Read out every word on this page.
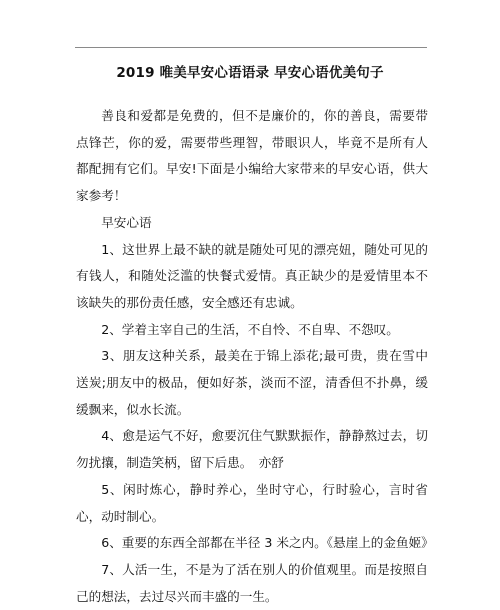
2019 唯美早安心语语录 早安心语优美句子

善良和爱都是免费的，但不是廉价的，你的善良，需要带点锋芒，你的爱，需要带些理智，带眼识人，毕竟不是所有人都配拥有它们。早安!下面是小编给大家带来的早安心语，供大家参考！

早安心语

1、这世界上最不缺的就是随处可见的漂亮妞，随处可见的有钱人，和随处泛滥的快餐式爱情。真正缺少的是爱情里本不该缺失的那份责任感，安全感还有忠诚。

2、学着主宰自己的生活，不自怜、不自卑、不怨叹。

3、朋友这种关系，最美在于锦上添花;最可贵，贵在雪中送炭;朋友中的极品，便如好茶，淡而不涩，清香但不扑鼻，缓缓飘来，似水长流。

4、愈是运气不好，愈要沉住气默默振作，静静熬过去，切勿扰攘，制造笑柄，留下后患。　亦舒

5、闲时炼心，静时养心，坐时守心，行时验心，言时省心，动时制心。

6、重要的东西全部都在半径 3 米之内。《悬崖上的金鱼姬》

7、人活一生，不是为了活在别人的价值观里。而是按照自己的想法，去过尽兴而丰盛的一生。
